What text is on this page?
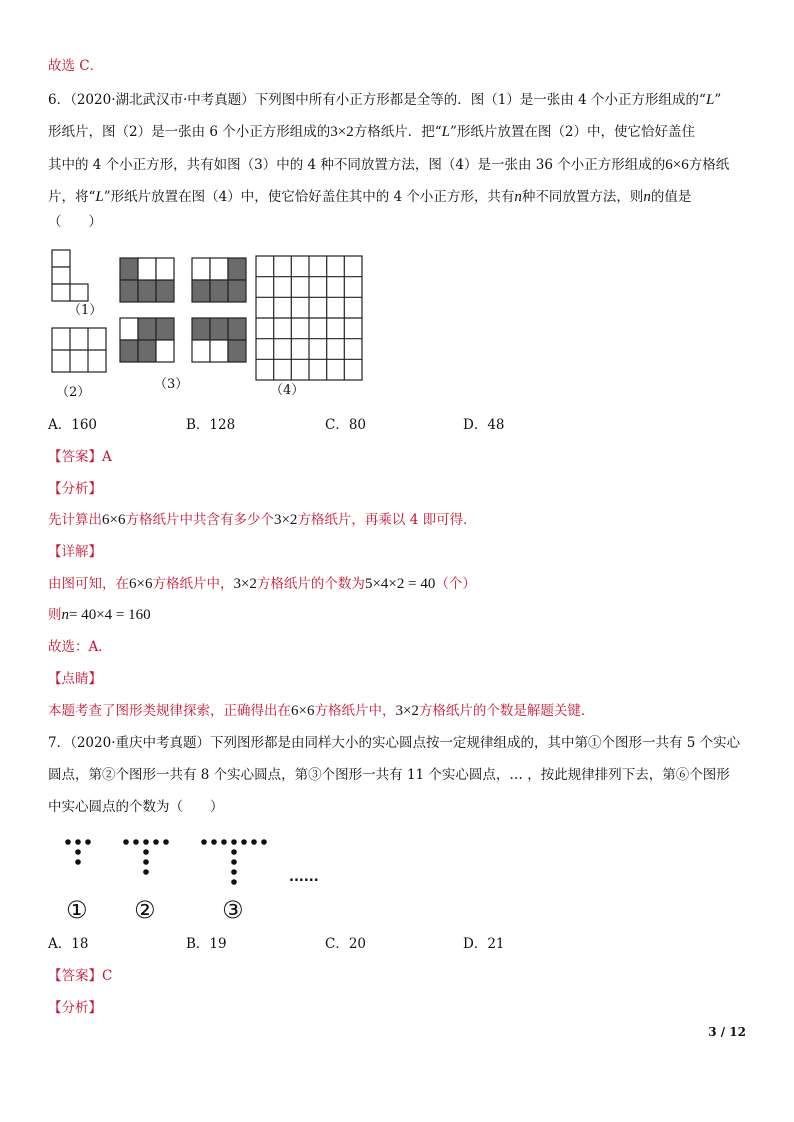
故选 C．
6．（2020·湖北武汉市·中考真题）下列图中所有小正方形都是全等的．图（1）是一张由 4 个小正方形组成的“L”
形纸片，图（2）是一张由 6 个小正方形组成的3×2方格纸片．把“L”形纸片放置在图（2）中，使它恰好盖住
其中的 4 个小正方形，共有如图（3）中的 4 种不同放置方法，图（4）是一张由 36 个小正方形组成的6×6方格纸
片，将“L”形纸片放置在图（4）中，使它恰好盖住其中的 4 个小正方形，共有n种不同放置方法，则n的值是
（　　）
（1）
（2）
（3）	（4）
A．160	B．128	C．80	D．48
【答案】A
【分析】
先计算出6×6方格纸片中共含有多少个3×2方格纸片，再乘以 4 即可得．
【详解】
由图可知，在6×6方格纸片中，3×2方格纸片的个数为5×4×2 = 40（个）
则n= 40×4 = 160
故选：A．
【点睛】
本题考查了图形类规律探索，正确得出在6×6方格纸片中，3×2方格纸片的个数是解题关键．
7．（2020·重庆中考真题）下列图形都是由同样大小的实心圆点按一定规律组成的，其中第①个图形一共有 5 个实心
圆点，第②个图形一共有 8 个实心圆点，第③个图形一共有 11 个实心圆点，… ，按此规律排列下去，第⑥个图形
中实心圆点的个数为（　　）
......
① ②	③
A．18	B．19	C．20	D．21
【答案】C
【分析】
3 / 12
